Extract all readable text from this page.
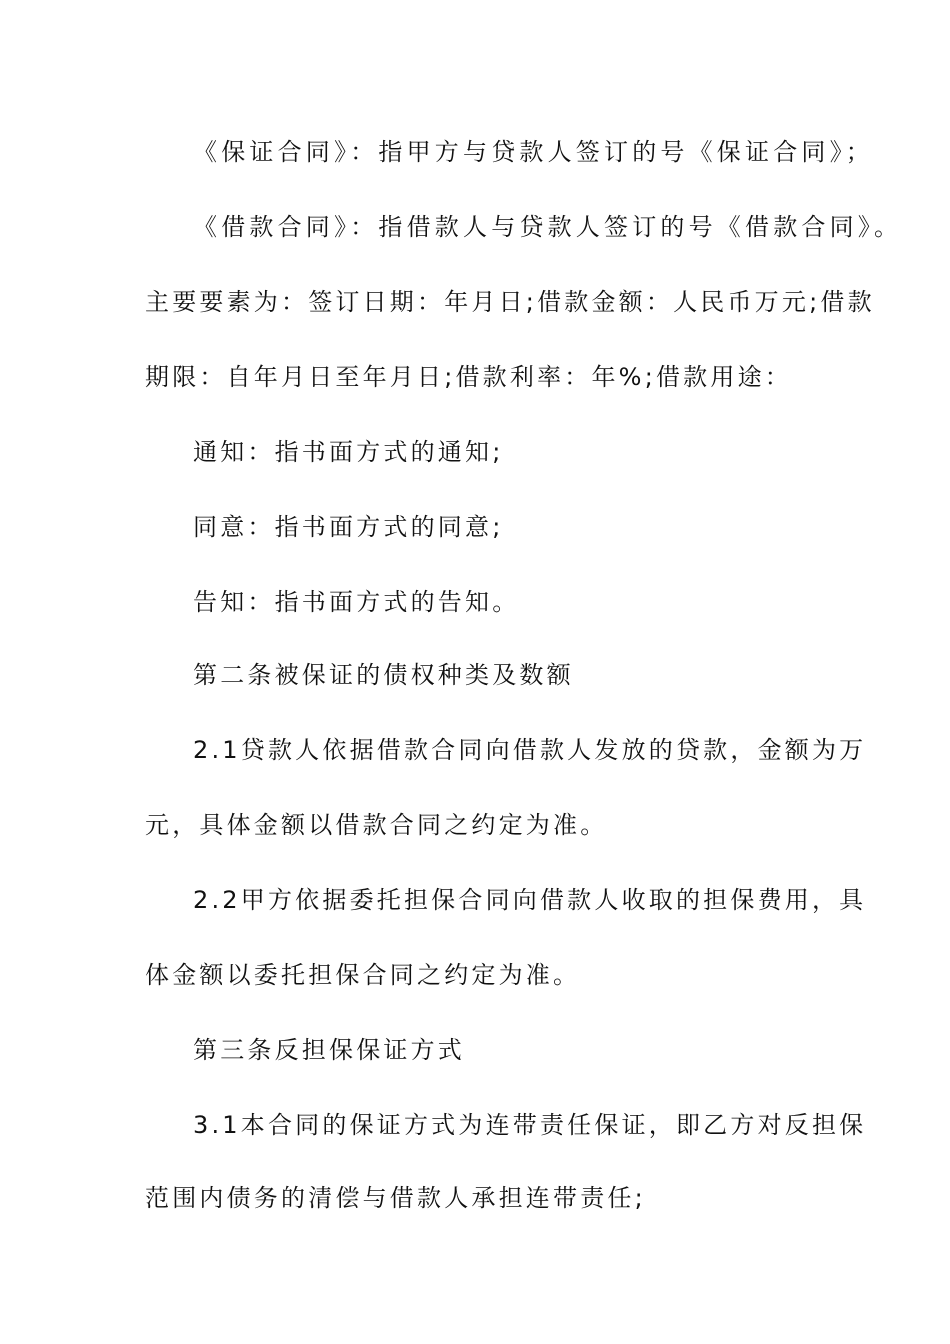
《保证合同》：指甲方与贷款人签订的号《保证合同》；
《借款合同》：指借款人与贷款人签订的号《借款合同》。
主要要素为：签订日期：年月日;借款金额：人民币万元;借款
期限：自年月日至年月日;借款利率：年%;借款用途：
通知：指书面方式的通知;
同意：指书面方式的同意;
告知：指书面方式的告知。
第二条被保证的债权种类及数额
2.1贷款人依据借款合同向借款人发放的贷款，金额为万
元，具体金额以借款合同之约定为准。
2.2甲方依据委托担保合同向借款人收取的担保费用，具
体金额以委托担保合同之约定为准。
第三条反担保保证方式
3.1本合同的保证方式为连带责任保证，即乙方对反担保
范围内债务的清偿与借款人承担连带责任;
